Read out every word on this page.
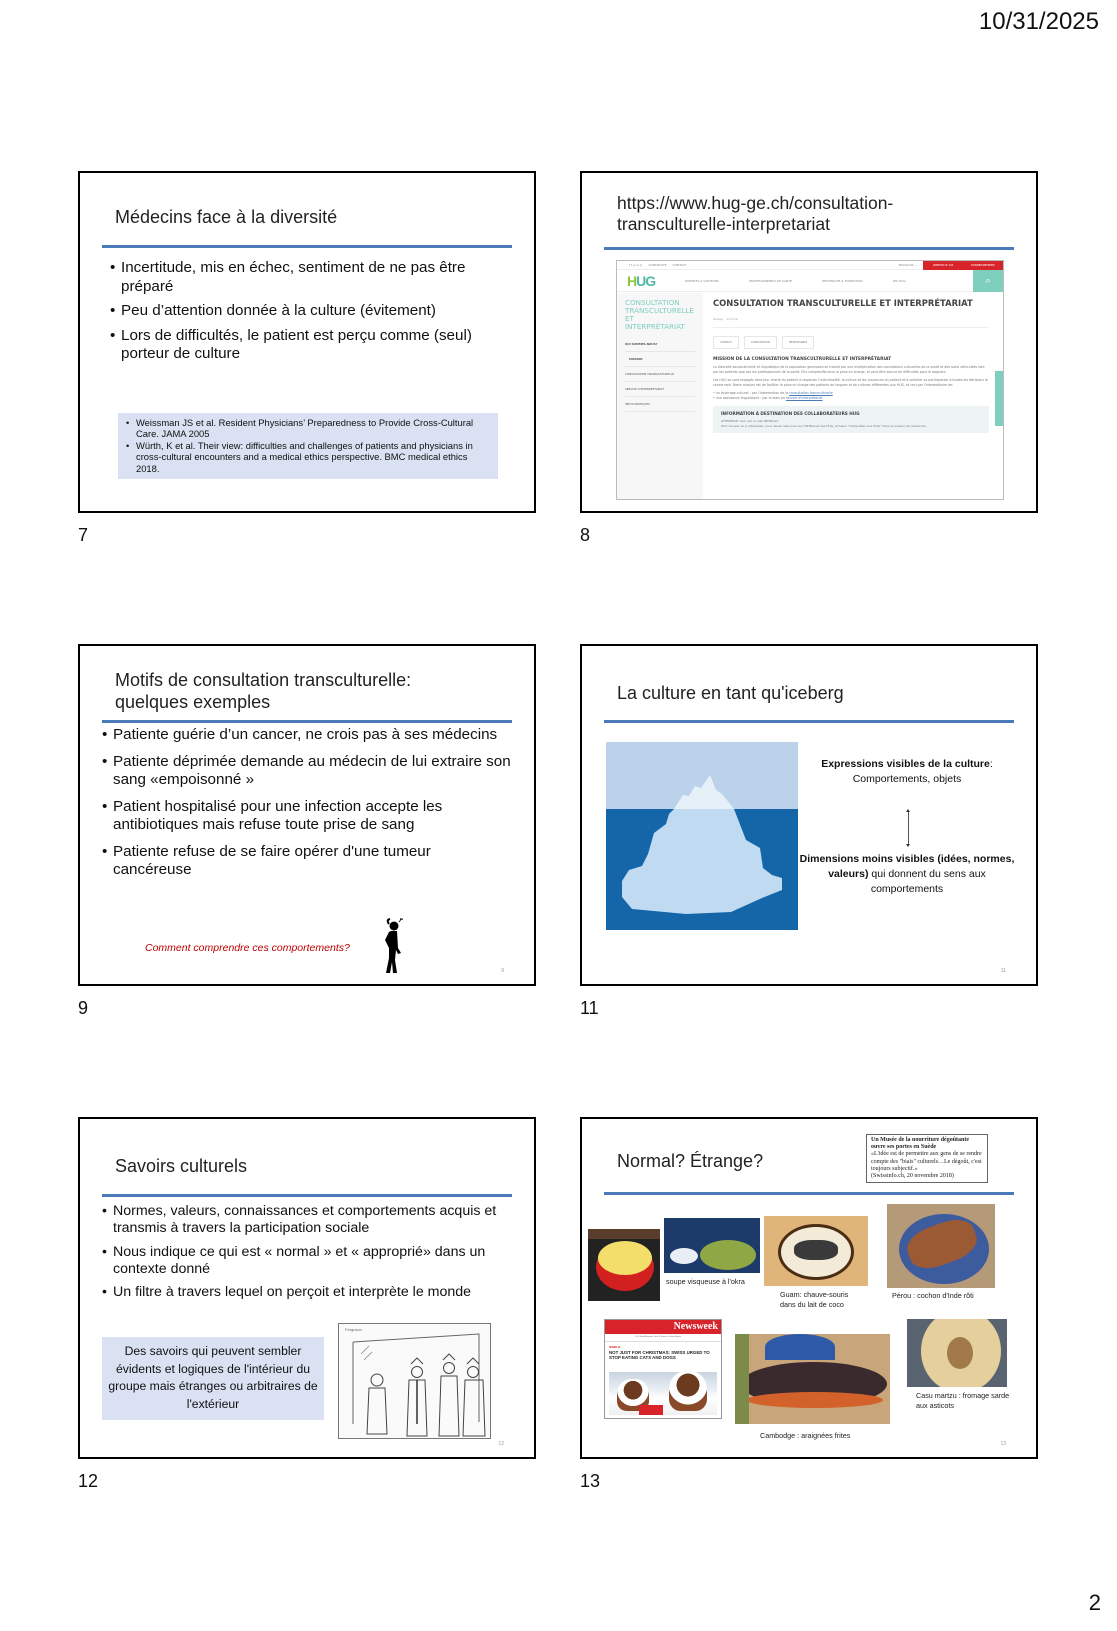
10/31/2025
Médecins face à la diversité
• Incertitude, mis en échec, sentiment de ne pas être préparé
• Peu d’attention donnée à la culture (évitement)
• Lors de difficultés, le patient est perçu comme (seul) porteur de culture
• Weissman JS et al. Resident Physicians’ Preparedness to Provide Cross-Cultural Care. JAMA 2005
• Würth, K et al. Their view: difficulties and challenges of patients and physicians in cross-cultural encounters and a medical ethics perspective. BMC medical ethics 2018.
7
https://www.hug-ge.ch/consultation-
transculturelle-interpretariat
f t g in ◎ CONTRASTE CONTACT	FRANÇAIS ⌄	APPELER LE 144	DONNER/PRENDRE
HUG	PATIENTS & VISITEURS	PROFESSIONNELS DE SANTÉ	RECHERCHE & FORMATION	LES HUG	⌕
CONSULTATION TRANSCULTURELLE ET INTERPRÉTARIAT
QUI SOMMES-NOUS?
MISSION
CONSULTATION TRANSCULTURELLE
SERVICE D'INTERPRÉTARIAT
INFOS PRATIQUES
CONSULTATION TRANSCULTURELLE ET INTERPRÉTARIAT
Partager Imprimer
CONTACT	CONSULTATION	RESPONSABLE
MISSION DE LA CONSULTATION TRANSCULTRURELLE ET INTERPRÉTARIAT
La diversité socioculturelle et linguistique de la population genevoise se traduit par une multiplication des conceptions culturelles de la santé et des soins véhiculées tant par les patients que par les professionnels de la santé. Elle complexifie ainsi la prise en charge, et peut être source de difficultés pour le soignant.
Les HUG se sont engagés dans leur charte du patient à respecter l'individualité, la culture et les croyances du patient et à solliciter sa participation à toutes les décisions le concernant. Notre mission est de faciliter la prise en charge des patients de langues et de cultures différentes aux HUG, et ceci par l'intermédiaire de:
• un éclairage culturel : par l'intervention de la consultation transculturelle
• une assistance linguistique : par le biais du service d'interprétariat
INFORMATION À DESTINATION DES COLLABORATEURS HUG
ATTENTION: Ceci est un site INTERnet.
Pour trouver un·e interprète, vous devez retourner sur l'INTRAnet des HUG, et taper "interprètes aux HUG" dans le moteur de recherche.
8
Motifs de consultation transculturelle:
quelques exemples
• Patiente guérie d’un cancer, ne crois pas à ses médecins
• Patiente déprimée demande au médecin de lui extraire son sang «empoisonné »
• Patient hospitalisé pour une infection accepte les antibiotiques mais refuse toute prise de sang
• Patiente refuse de se faire opérer d'une tumeur cancéreuse
Comment comprendre ces comportements?
9
9
La culture en tant qu'iceberg
Expressions visibles de la culture:
Comportements, objets
Dimensions moins visibles (idées, normes, valeurs) qui donnent du sens aux comportements
11
11
Savoirs culturels
• Normes, valeurs, connaissances et comportements acquis et transmis à travers la participation sociale
• Nous indique ce qui est « normal » et « approprié» dans un contexte donné
• Un filtre à travers lequel on perçoit et interprète le monde
Des savoirs qui peuvent sembler évidents et logiques de l'intérieur du groupe mais étranges ou arbitraires de l'extérieur
Ferguson
12
12
Normal? Étrange?
Un Musée de la nourriture dégoûtante ouvre ses portes en Suède
«L'idée est de permettre aux gens de se rendre compte des "biais" culturels…Le dégoût, c'est toujours subjectif.»
(Swissinfo.ch, 20 novembre 2018)
soupe visqueuse à l'okra
Guam: chauve-souris dans du lait de coco
Pérou : cochon d'Inde rôti
Newsweek
U.S. World Business Tech & Science Culture Sports
WORLD
NOT JUST FOR CHRISTMAS: SWISS URGED TO STOP EATING CATS AND DOGS
Cambodge : araignées frites
Casu martzu : fromage sarde aux asticots
13
13
2
